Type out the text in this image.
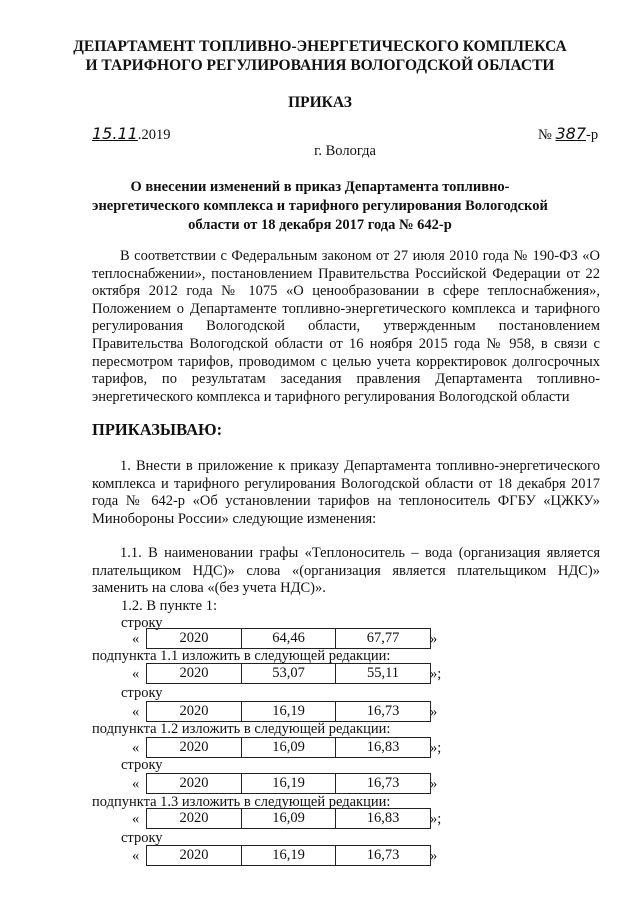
ДЕПАРТАМЕНТ ТОПЛИВНО-ЭНЕРГЕТИЧЕСКОГО КОМПЛЕКСА
И ТАРИФНОГО РЕГУЛИРОВАНИЯ ВОЛОГОДСКОЙ ОБЛАСТИ
ПРИКАЗ
15.11.2019	№ 387-р
г. Вологда
О внесении изменений в приказ Департамента топливно-энергетического комплекса и тарифного регулирования Вологодской области от 18 декабря 2017 года № 642-р
В соответствии с Федеральным законом от 27 июля 2010 года № 190-ФЗ «О теплоснабжении», постановлением Правительства Российской Федерации от 22 октября 2012 года № 1075 «О ценообразовании в сфере теплоснабжения», Положением о Департаменте топливно-энергетического комплекса и тарифного регулирования Вологодской области, утвержденным постановлением Правительства Вологодской области от 16 ноября 2015 года № 958, в связи с пересмотром тарифов, проводимом с целью учета корректировок долгосрочных тарифов, по результатам заседания правления Департамента топливно-энергетического комплекса и тарифного регулирования Вологодской области
ПРИКАЗЫВАЮ:
1. Внести в приложение к приказу Департамента топливно-энергетического комплекса и тарифного регулирования Вологодской области от 18 декабря 2017 года № 642-р «Об установлении тарифов на теплоноситель ФГБУ «ЦЖКУ» Минобороны России» следующие изменения:
1.1. В наименовании графы «Теплоноситель – вода (организация является плательщиком НДС)» слова «(организация является плательщиком НДС)» заменить на слова «(без учета НДС)».
1.2. В пункте 1:
строку
«	2020	64,46	67,77 »
подпункта 1.1 изложить в следующей редакции:
«	2020	53,07	55,11 »;
строку
«	2020	16,19	16,73 »
подпункта 1.2 изложить в следующей редакции:
«	2020	16,09	16,83 »;
строку
«	2020	16,19	16,73 »
подпункта 1.3 изложить в следующей редакции:
«	2020	16,09	16,83 »;
строку
«	2020	16,19	16,73 »
